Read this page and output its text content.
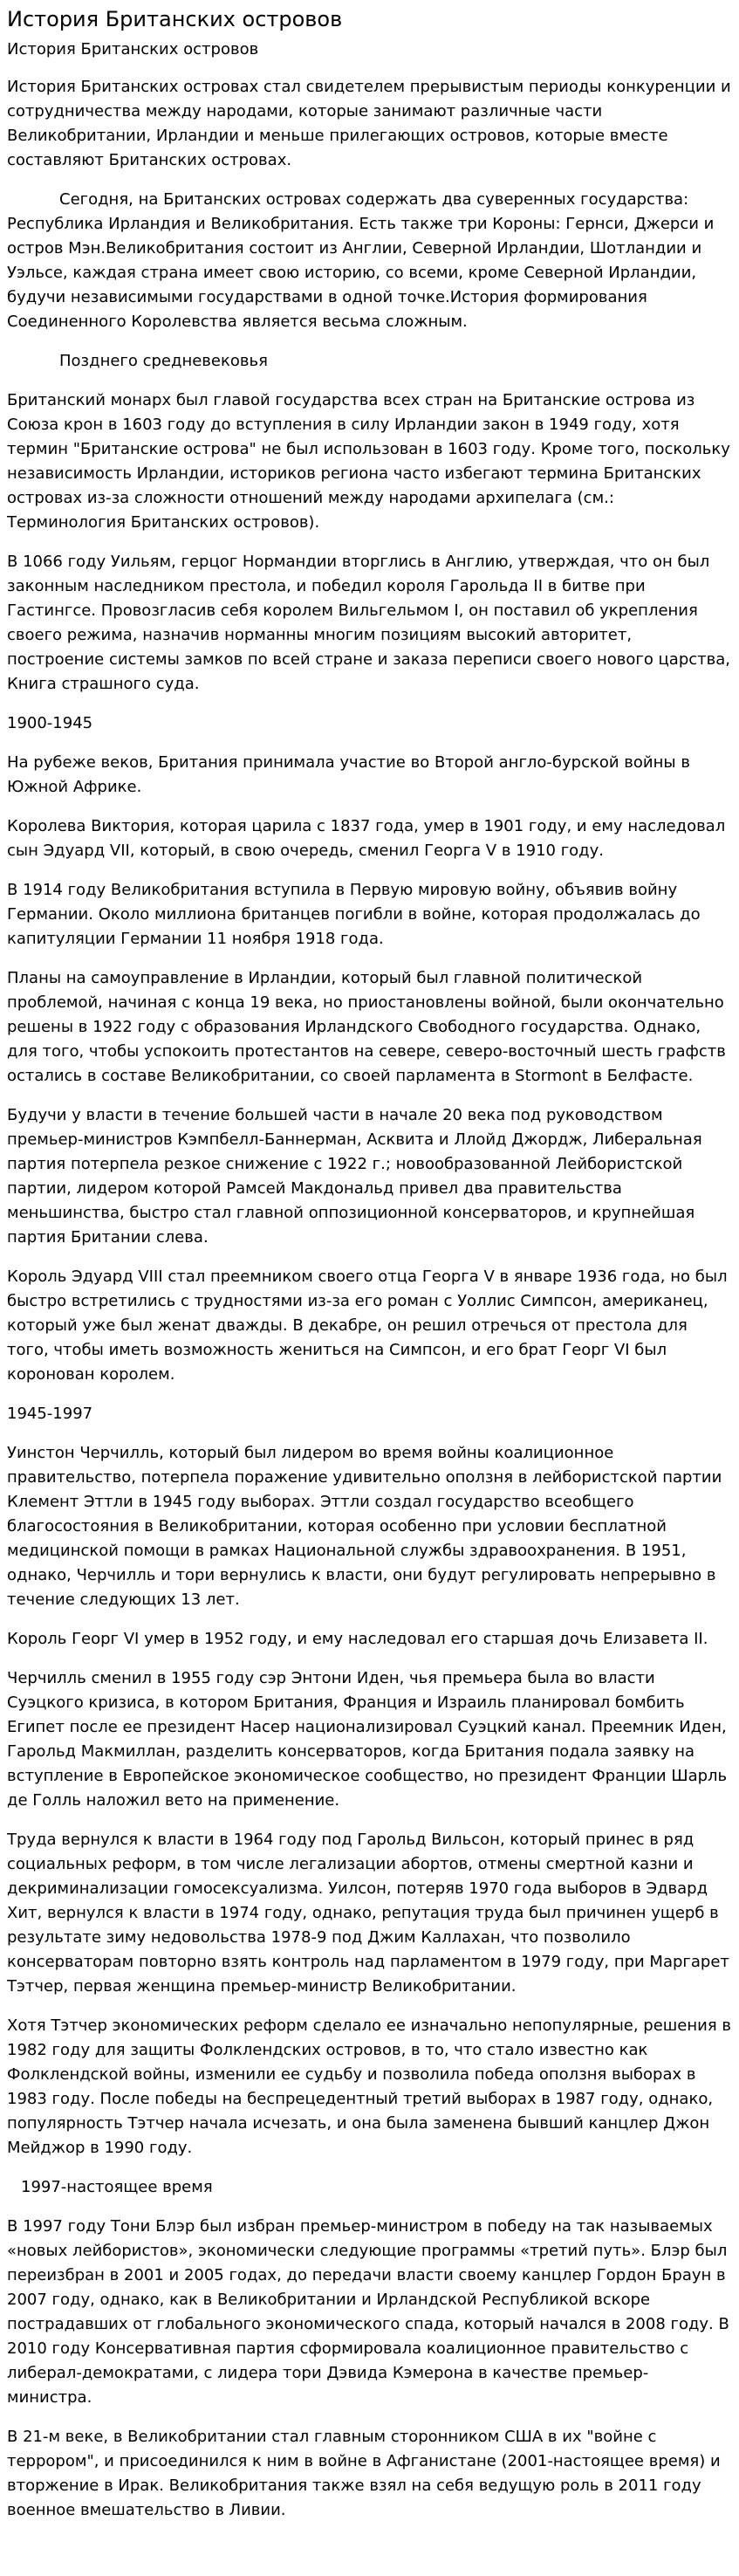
История Британских островов
История Британских островов

История Британских островах стал свидетелем прерывистым периоды конкуренции и сотрудничества между народами, которые занимают различные части Великобритании, Ирландии и меньше прилегающих островов, которые вместе составляют Британских островах.

Сегодня, на Британских островах содержать два суверенных государства: Республика Ирландия и Великобритания. Есть также три Короны: Гернси, Джерси и остров Мэн.Великобритания состоит из Англии, Северной Ирландии, Шотландии и Уэльсе, каждая страна имеет свою историю, со всеми, кроме Северной Ирландии, будучи независимыми государствами в одной точке.История формирования Соединенного Королевства является весьма сложным.

Позднего средневековья

Британский монарх был главой государства всех стран на Британские острова из Союза крон в 1603 году до вступления в силу Ирландии закон в 1949 году, хотя термин "Британские острова" не был использован в 1603 году. Кроме того, поскольку независимость Ирландии, историков региона часто избегают термина Британских островах из-за сложности отношений между народами архипелага (см.: Терминология Британских островов).

В 1066 году Уильям, герцог Нормандии вторглись в Англию, утверждая, что он был законным наследником престола, и победил короля Гарольда II в битве при Гастингсе. Провозгласив себя королем Вильгельмом I, он поставил об укрепления своего режима, назначив норманны многим позициям высокий авторитет, построение системы замков по всей стране и заказа переписи своего нового царства, Книга страшного суда.

1900-1945

На рубеже веков, Британия принимала участие во Второй англо-бурской войны в Южной Африке.

Королева Виктория, которая царила с 1837 года, умер в 1901 году, и ему наследовал сын Эдуард VII, который, в свою очередь, сменил Георга V в 1910 году.

В 1914 году Великобритания вступила в Первую мировую войну, объявив войну Германии. Около миллиона британцев погибли в войне, которая продолжалась до капитуляции Германии 11 ноября 1918 года.

Планы на самоуправление в Ирландии, который был главной политической проблемой, начиная с конца 19 века, но приостановлены войной, были окончательно решены в 1922 году с образования Ирландского Свободного государства. Однако, для того, чтобы успокоить протестантов на севере, северо-восточный шесть графств остались в составе Великобритании, со своей парламента в Stormont в Белфасте.

Будучи у власти в течение большей части в начале 20 века под руководством премьер-министров Кэмпбелл-Баннерман, Асквита и Ллойд Джордж, Либеральная партия потерпела резкое снижение с 1922 г.; новообразованной Лейбористской партии, лидером которой Рамсей Макдональд привел два правительства меньшинства, быстро стал главной оппозиционной консерваторов, и крупнейшая партия Британии слева.

Король Эдуард VIII стал преемником своего отца Георга V в январе 1936 года, но был быстро встретились с трудностями из-за его роман с Уоллис Симпсон, американец, который уже был женат дважды. В декабре, он решил отречься от престола для того, чтобы иметь возможность жениться на Симпсон, и его брат Георг VI был коронован королем.

1945-1997

Уинстон Черчилль, который был лидером во время войны коалиционное правительство, потерпела поражение удивительно оползня в лейбористской партии Клемент Эттли в 1945 году выборах. Эттли создал государство всеобщего благосостояния в Великобритании, которая особенно при условии бесплатной медицинской помощи в рамках Национальной службы здравоохранения. В 1951, однако, Черчилль и тори вернулись к власти, они будут регулировать непрерывно в течение следующих 13 лет.

Король Георг VI умер в 1952 году, и ему наследовал его старшая дочь Елизавета II.

Черчилль сменил в 1955 году сэр Энтони Иден, чья премьера была во власти Суэцкого кризиса, в котором Британия, Франция и Израиль планировал бомбить Египет после ее президент Насер национализировал Суэцкий канал. Преемник Иден, Гарольд Макмиллан, разделить консерваторов, когда Британия подала заявку на вступление в Европейское экономическое сообщество, но президент Франции Шарль де Голль наложил вето на применение.

Труда вернулся к власти в 1964 году под Гарольд Вильсон, который принес в ряд социальных реформ, в том числе легализации абортов, отмены смертной казни и декриминализации гомосексуализма. Уилсон, потеряв 1970 года выборов в Эдвард Хит, вернулся к власти в 1974 году, однако, репутация труда был причинен ущерб в результате зиму недовольства 1978-9 под Джим Каллахан, что позволило консерваторам повторно взять контроль над парламентом в 1979 году, при Маргарет Тэтчер, первая женщина премьер-министр Великобритании.

Хотя Тэтчер экономических реформ сделало ее изначально непопулярные, решения в 1982 году для защиты Фолклендских островов, в то, что стало известно как Фолклендской войны, изменили ее судьбу и позволила победа оползня выборах в 1983 году. После победы на беспрецедентный третий выборах в 1987 году, однако, популярность Тэтчер начала исчезать, и она была заменена бывший канцлер Джон Мейджор в 1990 году.

1997-настоящее время

В 1997 году Тони Блэр был избран премьер-министром в победу на так называемых «новых лейбористов», экономически следующие программы «третий путь». Блэр был переизбран в 2001 и 2005 годах, до передачи власти своему канцлер Гордон Браун в 2007 году, однако, как в Великобритании и Ирландской Республикой вскоре пострадавших от глобального экономического спада, который начался в 2008 году. В 2010 году Консервативная партия сформировала коалиционное правительство с либерал-демократами, с лидера тори Дэвида Кэмерона в качестве премьер-министра.

В 21-м веке, в Великобритании стал главным сторонником США в их "войне с террором", и присоединился к ним в войне в Афганистане (2001-настоящее время) и вторжение в Ирак. Великобритания также взял на себя ведущую роль в 2011 году военное вмешательство в Ливии.
